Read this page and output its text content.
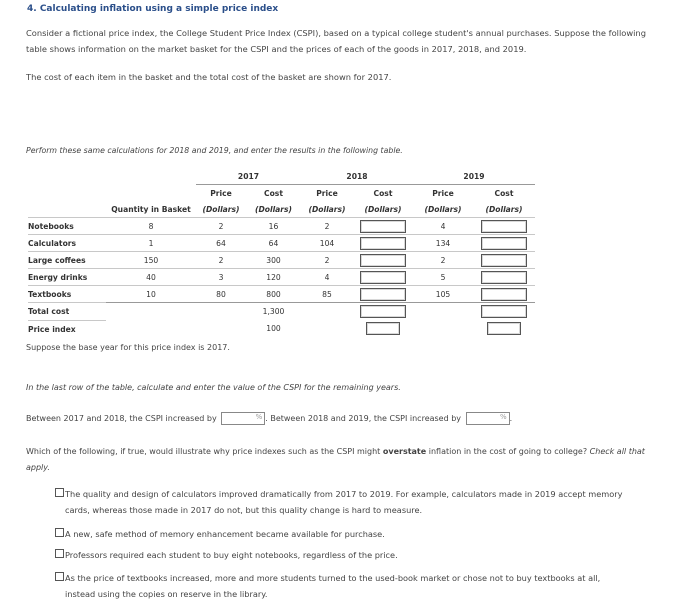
4. Calculating inflation using a simple price index
Consider a fictional price index, the College Student Price Index (CSPI), based on a typical college student's annual purchases. Suppose the following table shows information on the market basket for the CSPI and the prices of each of the goods in 2017, 2018, and 2019.
The cost of each item in the basket and the total cost of the basket are shown for 2017.
Perform these same calculations for 2018 and 2019, and enter the results in the following table.
		2017		2018		2019	
		Price	Cost	Price	Cost	Price	Cost
	Quantity in Basket	(Dollars)	(Dollars)	(Dollars)	(Dollars)	(Dollars)	(Dollars)
Notebooks	8	2	16	2		4	
Calculators	1	64	64	104		134	
Large coffees	150	2	300	2		2	
Energy drinks	40	3	120	4		5	
Textbooks	10	80	800	85		105	
Total cost			1,300				
Price index			100				
Suppose the base year for this price index is 2017.
In the last row of the table, calculate and enter the value of the CSPI for the remaining years.
Between 2017 and 2018, the CSPI increased by	% . Between 2018 and 2019, the CSPI increased by	% .
Which of the following, if true, would illustrate why price indexes such as the CSPI might overstate inflation in the cost of going to college? Check all that apply.
The quality and design of calculators improved dramatically from 2017 to 2019. For example, calculators made in 2019 accept memory cards, whereas those made in 2017 do not, but this quality change is hard to measure.
A new, safe method of memory enhancement became available for purchase.
Professors required each student to buy eight notebooks, regardless of the price.
As the price of textbooks increased, more and more students turned to the used-book market or chose not to buy textbooks at all, instead using the copies on reserve in the library.
